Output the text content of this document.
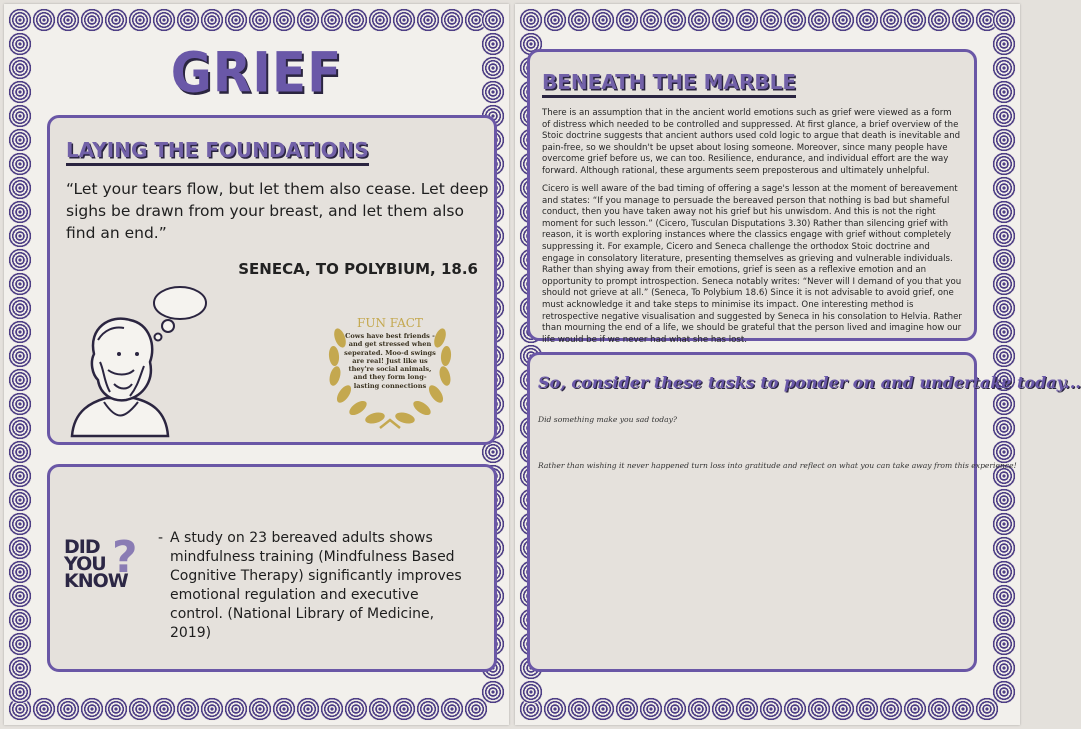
GRIEF
LAYING THE FOUNDATIONS
“Let your tears flow, but let them also cease. Let deep sighs be drawn from your breast, and let them also find an end.”
SENECA, TO POLYBIUM, 18.6
FUN FACT
Cows have best friends - and get stressed when seperated. Moo-d swings are real! Just like us they're social animals, and they form long-lasting connections
DID
YOU
KNOW
? - A study on 23 bereaved adults shows mindfulness training (Mindfulness Based Cognitive Therapy) significantly improves emotional regulation and executive control. (National Library of Medicine, 2019)
BENEATH THE MARBLE
There is an assumption that in the ancient world emotions such as grief were viewed as a form of distress which needed to be controlled and suppressed. At first glance, a brief overview of the Stoic doctrine suggests that ancient authors used cold logic to argue that death is inevitable and pain-free, so we shouldn't be upset about losing someone. Moreover, since many people have overcome grief before us, we can too. Resilience, endurance, and individual effort are the way forward. Although rational, these arguments seem preposterous and ultimately unhelpful.
Cicero is well aware of the bad timing of offering a sage's lesson at the moment of bereavement and states: “If you manage to persuade the bereaved person that nothing is bad but shameful conduct, then you have taken away not his grief but his unwisdom. And this is not the right moment for such lesson.” (Cicero, Tusculan Disputations 3.30) Rather than silencing grief with reason, it is worth exploring instances where the classics engage with grief without completely suppressing it. For example, Cicero and Seneca challenge the orthodox Stoic doctrine and engage in consolatory literature, presenting themselves as grieving and vulnerable individuals. Rather than shying away from their emotions, grief is seen as a reflexive emotion and an opportunity to prompt introspection. Seneca notably writes: “Never will I demand of you that you should not grieve at all.” (Seneca, To Polybium 18.6) Since it is not advisable to avoid grief, one must acknowledge it and take steps to minimise its impact. One interesting method is retrospective negative visualisation and suggested by Seneca in his consolation to Helvia. Rather than mourning the end of a life, we should be grateful that the person lived and imagine how our life would be if we never had what she has lost.
So, consider these tasks to ponder on and undertake today...
Did something make you sad today?
Rather than wishing it never happened turn loss into gratitude and reflect on what you can take away from this experience!
